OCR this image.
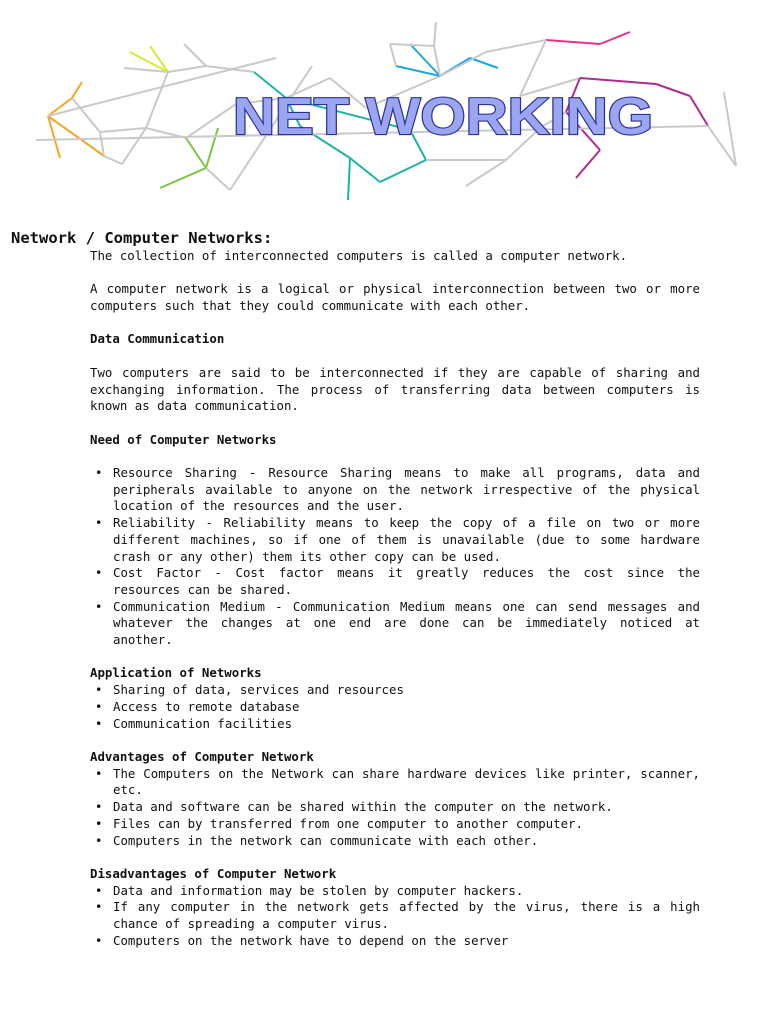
NET WORKING
Network / Computer Networks:
The collection of interconnected computers is called a computer network.
A computer network is a logical or physical interconnection between two or more computers such that they could communicate with each other.
Data Communication
Two computers are said to be interconnected if they are capable of sharing and exchanging information. The process of transferring data between computers is known as data communication.
Need of Computer Networks
• Resource Sharing - Resource Sharing means to make all programs, data and peripherals available to anyone on the network irrespective of the physical location of the resources and the user.
• Reliability - Reliability means to keep the copy of a file on two or more different machines, so if one of them is unavailable (due to some hardware crash or any other) them its other copy can be used.
• Cost Factor - Cost factor means it greatly reduces the cost since the resources can be shared.
• Communication Medium - Communication Medium means one can send messages and whatever the changes at one end are done can be immediately noticed at another.
Application of Networks
• Sharing of data, services and resources
• Access to remote database
• Communication facilities
Advantages of Computer Network
• The Computers on the Network can share hardware devices like printer, scanner, etc.
• Data and software can be shared within the computer on the network.
• Files can by transferred from one computer to another computer.
• Computers in the network can communicate with each other.
Disadvantages of Computer Network
• Data and information may be stolen by computer hackers.
• If any computer in the network gets affected by the virus, there is a high chance of spreading a computer virus.
• Computers on the network have to depend on the server
